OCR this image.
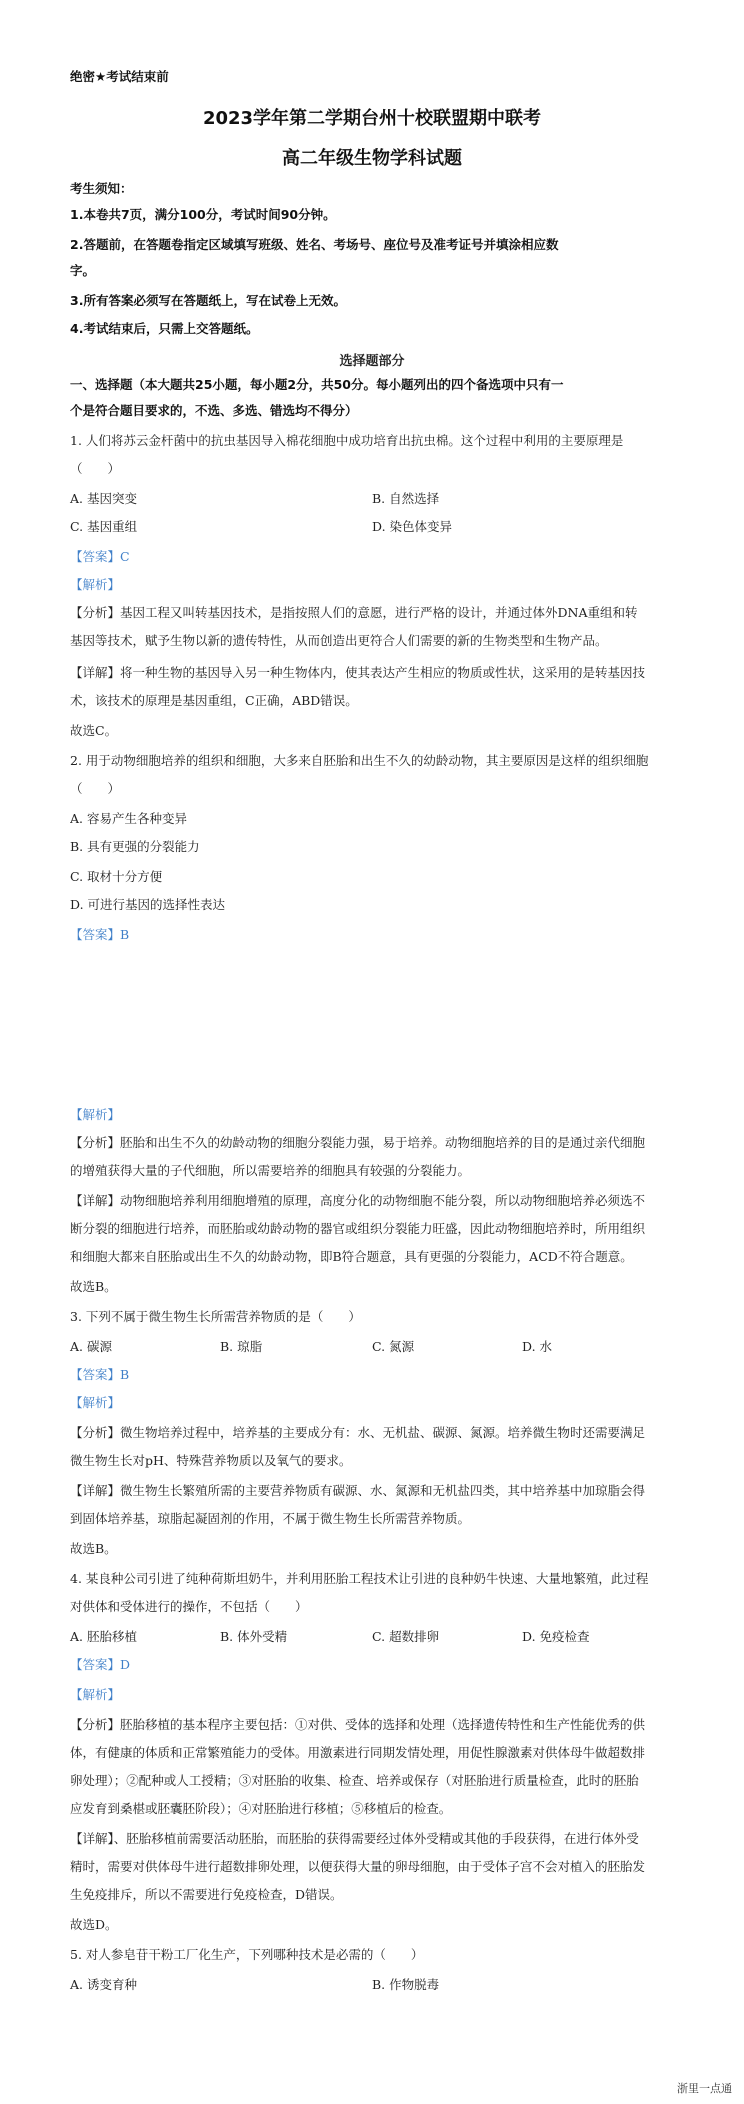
绝密★考试结束前
2023学年第二学期台州十校联盟期中联考
高二年级生物学科试题
考生须知：
1.本卷共7页，满分100分，考试时间90分钟。
2.答题前，在答题卷指定区域填写班级、姓名、考场号、座位号及准考证号并填涂相应数
字。
3.所有答案必须写在答题纸上，写在试卷上无效。
4.考试结束后，只需上交答题纸。
选择题部分
一、选择题（本大题共25小题，每小题2分，共50分。每小题列出的四个备选项中只有一
个是符合题目要求的，不选、多选、错选均不得分）
1. 人们将苏云金杆菌中的抗虫基因导入棉花细胞中成功培育出抗虫棉。这个过程中利用的主要原理是
（　　）
A. 基因突变	B. 自然选择
C. 基因重组	D. 染色体变异
【答案】C
【解析】
【分析】基因工程又叫转基因技术，是指按照人们的意愿，进行严格的设计，并通过体外DNA重组和转
基因等技术，赋予生物以新的遗传特性，从而创造出更符合人们需要的新的生物类型和生物产品。
【详解】将一种生物的基因导入另一种生物体内，使其表达产生相应的物质或性状，这采用的是转基因技
术，该技术的原理是基因重组，C正确，ABD错误。
故选C。
2. 用于动物细胞培养的组织和细胞，大多来自胚胎和出生不久的幼龄动物，其主要原因是这样的组织细胞
（　　）
A. 容易产生各种变异
B. 具有更强的分裂能力
C. 取材十分方便
D. 可进行基因的选择性表达
【答案】B
【解析】
【分析】胚胎和出生不久的幼龄动物的细胞分裂能力强，易于培养。动物细胞培养的目的是通过亲代细胞
的增殖获得大量的子代细胞，所以需要培养的细胞具有较强的分裂能力。
【详解】动物细胞培养利用细胞增殖的原理，高度分化的动物细胞不能分裂，所以动物细胞培养必须选不
断分裂的细胞进行培养，而胚胎或幼龄动物的器官或组织分裂能力旺盛，因此动物细胞培养时，所用组织
和细胞大都来自胚胎或出生不久的幼龄动物，即B符合题意，具有更强的分裂能力，ACD不符合题意。
故选B。
3. 下列不属于微生物生长所需营养物质的是（　　）
A. 碳源	B. 琼脂	C. 氮源	D. 水
【答案】B
【解析】
【分析】微生物培养过程中，培养基的主要成分有：水、无机盐、碳源、氮源。培养微生物时还需要满足
微生物生长对pH、特殊营养物质以及氧气的要求。
【详解】微生物生长繁殖所需的主要营养物质有碳源、水、氮源和无机盐四类，其中培养基中加琼脂会得
到固体培养基，琼脂起凝固剂的作用，不属于微生物生长所需营养物质。
故选B。
4. 某良种公司引进了纯种荷斯坦奶牛，并利用胚胎工程技术让引进的良种奶牛快速、大量地繁殖，此过程
对供体和受体进行的操作，不包括（　　）
A. 胚胎移植	B. 体外受精	C. 超数排卵	D. 免疫检查
【答案】D
【解析】
【分析】胚胎移植的基本程序主要包括：①对供、受体的选择和处理（选择遗传特性和生产性能优秀的供
体，有健康的体质和正常繁殖能力的受体。用激素进行同期发情处理，用促性腺激素对供体母牛做超数排
卵处理）；②配种或人工授精；③对胚胎的收集、检查、培养或保存（对胚胎进行质量检查，此时的胚胎
应发育到桑椹或胚囊胚阶段）；④对胚胎进行移植；⑤移植后的检查。
【详解】、胚胎移植前需要活动胚胎，而胚胎的获得需要经过体外受精或其他的手段获得，在进行体外受
精时，需要对供体母牛进行超数排卵处理，以便获得大量的卵母细胞，由于受体子宫不会对植入的胚胎发
生免疫排斥，所以不需要进行免疫检查，D错误。
故选D。
5. 对人参皂苷干粉工厂化生产，下列哪种技术是必需的（　　）
A. 诱变育种	B. 作物脱毒
浙里一点通
